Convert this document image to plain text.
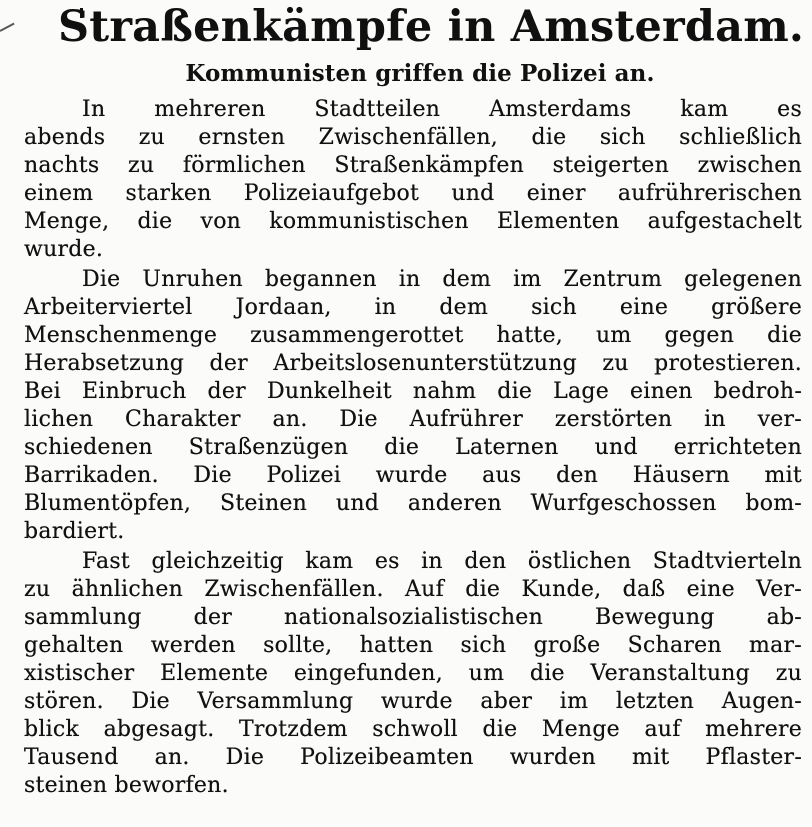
Straßenkämpfe in Amsterdam.
Kommunisten griffen die Polizei an.
In mehreren Stadtteilen Amsterdams kam es
abends zu ernsten Zwischenfällen, die sich schließlich
nachts zu förmlichen Straßenkämpfen steigerten zwischen
einem starken Polizeiaufgebot und einer aufrührerischen
Menge, die von kommunistischen Elementen aufgestachelt
wurde.
Die Unruhen begannen in dem im Zentrum gelegenen
Arbeiterviertel Jordaan, in dem sich eine größere
Menschenmenge zusammengerottet hatte, um gegen die
Herabsetzung der Arbeitslosenunterstützung zu protestieren.
Bei Einbruch der Dunkelheit nahm die Lage einen bedroh-
lichen Charakter an. Die Aufrührer zerstörten in ver-
schiedenen Straßenzügen die Laternen und errichteten
Barrikaden. Die Polizei wurde aus den Häusern mit
Blumentöpfen, Steinen und anderen Wurfgeschossen bom-
bardiert.
Fast gleichzeitig kam es in den östlichen Stadtvierteln
zu ähnlichen Zwischenfällen. Auf die Kunde, daß eine Ver-
sammlung der nationalsozialistischen Bewegung ab-
gehalten werden sollte, hatten sich große Scharen mar-
xistischer Elemente eingefunden, um die Veranstaltung zu
stören. Die Versammlung wurde aber im letzten Augen-
blick abgesagt. Trotzdem schwoll die Menge auf mehrere
Tausend an. Die Polizeibeamten wurden mit Pflaster-
steinen beworfen.
